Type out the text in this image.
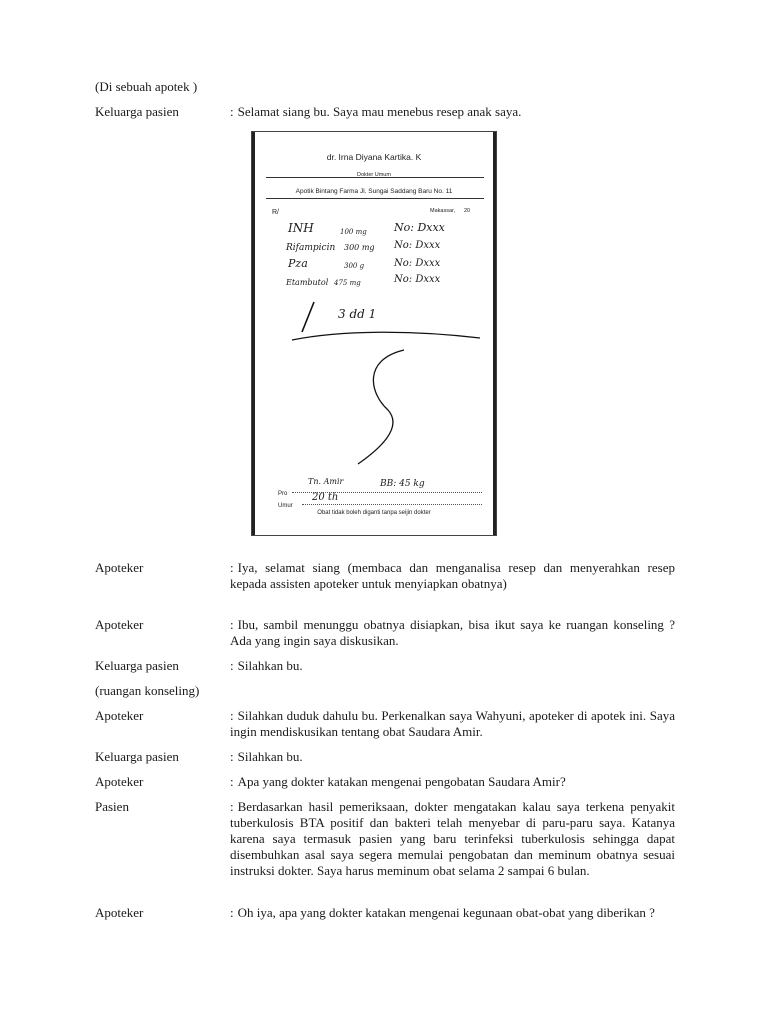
(Di sebuah apotek )
Keluarga pasien	: Selamat siang bu. Saya mau menebus resep anak saya.
dr. Irna Diyana Kartika. K
Dokter Umum
Apotik Bintang Farma Jl. Sungai Saddang Baru No. 11
R/	Makassar, 20
INH	100 mg No: Dxxx
Rifampicin 300 mg No: Dxxx
Pza	300 g	No: Dxxx
Etambutol 475 mg	No: Dxxx
3 dd 1
Pro
Tn. Amir	BB: 45 kg
Umur
20 th
Obat tidak boleh diganti tanpa seijin dokter
Apoteker	: Iya, selamat siang (membaca dan menganalisa resep dan menyerahkan resep kepada assisten apoteker untuk menyiapkan obatnya)
Apoteker	: Ibu, sambil menunggu obatnya disiapkan, bisa ikut saya ke ruangan konseling ? Ada yang ingin saya diskusikan.
Keluarga pasien	: Silahkan bu.
(ruangan konseling)
Apoteker	: Silahkan duduk dahulu bu. Perkenalkan saya Wahyuni, apoteker di apotek ini. Saya ingin mendiskusikan tentang obat Saudara Amir.
Keluarga pasien	: Silahkan bu.
Apoteker	: Apa yang dokter katakan mengenai pengobatan Saudara Amir?
Pasien	: Berdasarkan hasil pemeriksaan, dokter mengatakan kalau saya terkena penyakit tuberkulosis BTA positif dan bakteri telah menyebar di paru-paru saya. Katanya karena saya termasuk pasien yang baru terinfeksi tuberkulosis sehingga dapat disembuhkan asal saya segera memulai pengobatan dan meminum obatnya sesuai instruksi dokter. Saya harus meminum obat selama 2 sampai 6 bulan.
Apoteker	: Oh iya, apa yang dokter katakan mengenai kegunaan obat-obat yang diberikan ?
